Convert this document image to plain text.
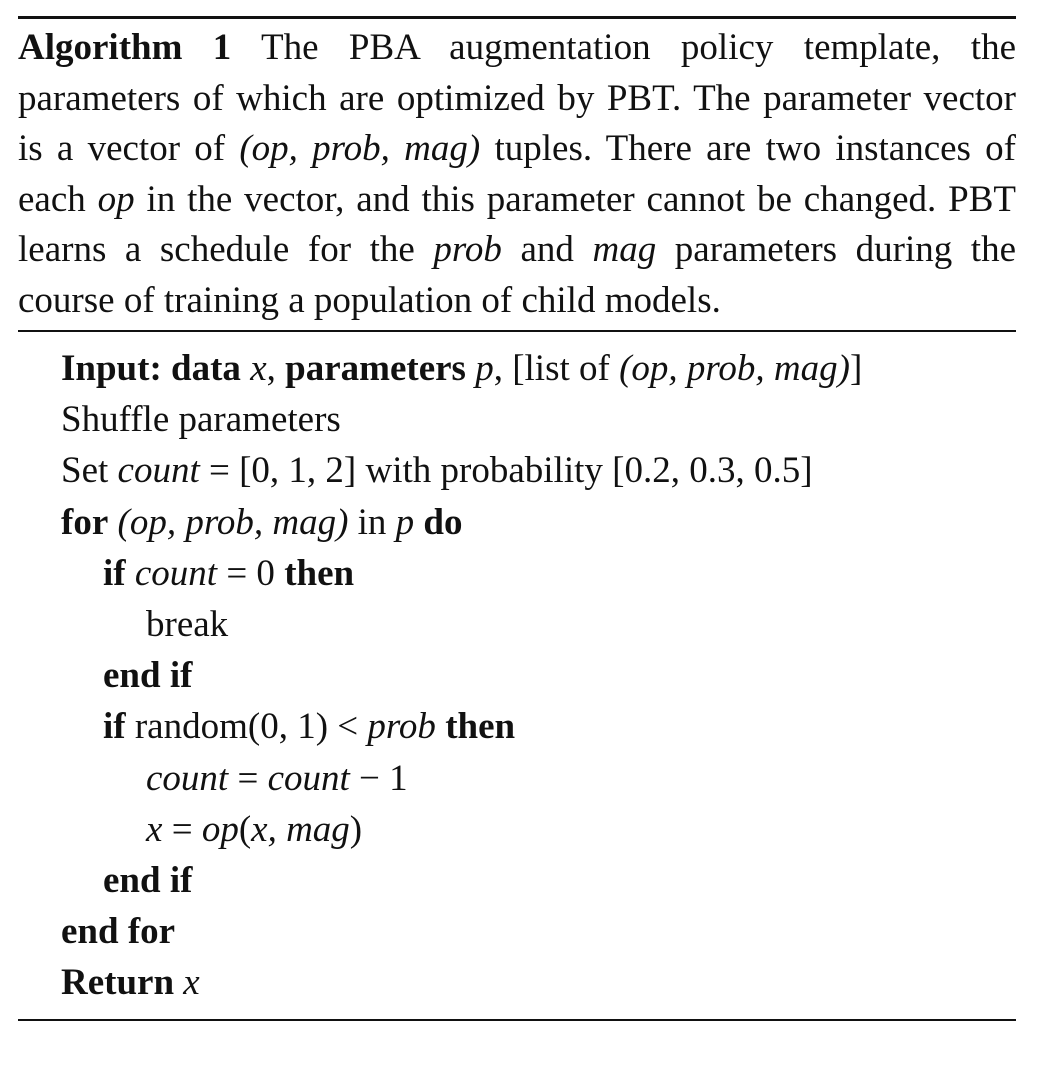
Algorithm 1 The PBA augmentation policy template, the parameters of which are optimized by PBT. The parameter vector is a vector of (op, prob, mag) tuples. There are two instances of each op in the vector, and this parameter cannot be changed. PBT learns a schedule for the prob and mag parameters during the course of training a population of child models.
Input: data x, parameters p, [list of (op, prob, mag)]
Shuffle parameters
Set count = [0, 1, 2] with probability [0.2, 0.3, 0.5]
for (op, prob, mag) in p do
if count = 0 then
break
end if
if random(0, 1) < prob then
count = count − 1
x = op(x, mag)
end if
end for
Return x
